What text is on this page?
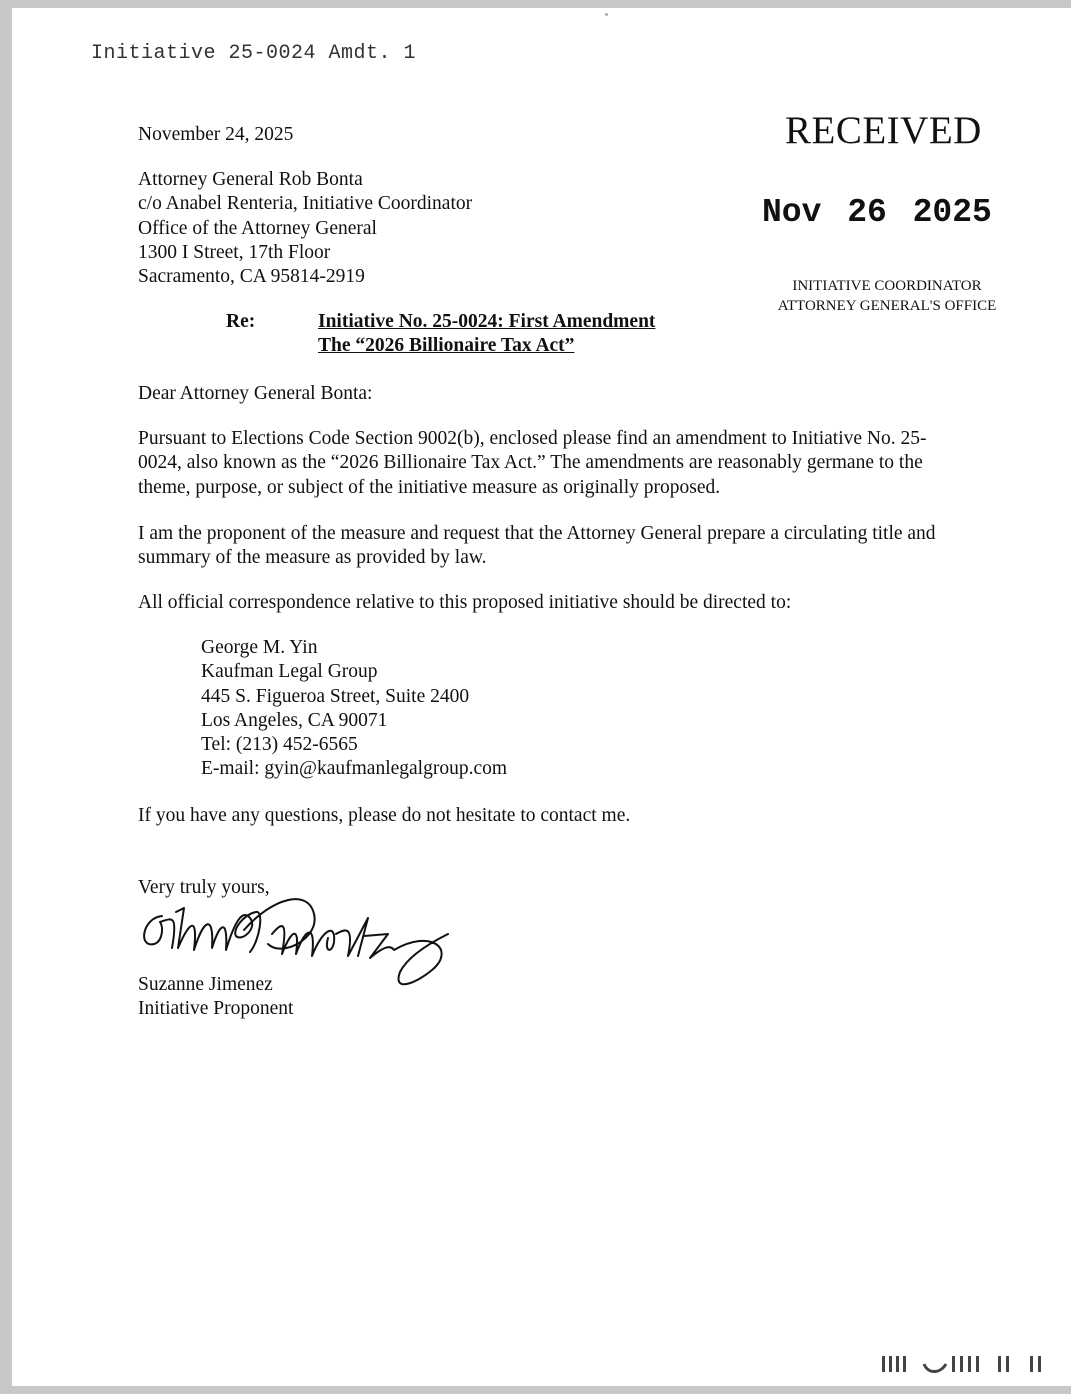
Initiative 25-0024 Amdt. 1
RECEIVED
Nov 26 2025
INITIATIVE COORDINATOR
ATTORNEY GENERAL'S OFFICE
November 24, 2025
Attorney General Rob Bonta
c/o Anabel Renteria, Initiative Coordinator
Office of the Attorney General
1300 I Street, 17th Floor
Sacramento, CA 95814-2919
Re:	Initiative No. 25-0024: First Amendment
The “2026 Billionaire Tax Act”
Dear Attorney General Bonta:
Pursuant to Elections Code Section 9002(b), enclosed please find an amendment to Initiative No. 25-0024, also known as the “2026 Billionaire Tax Act.” The amendments are reasonably germane to the theme, purpose, or subject of the initiative measure as originally proposed.
I am the proponent of the measure and request that the Attorney General prepare a circulating title and summary of the measure as provided by law.
All official correspondence relative to this proposed initiative should be directed to:
George M. Yin
Kaufman Legal Group
445 S. Figueroa Street, Suite 2400
Los Angeles, CA 90071
Tel: (213) 452-6565
E-mail: gyin@kaufmanlegalgroup.com
If you have any questions, please do not hesitate to contact me.
Very truly yours,
Suzanne Jimenez
Initiative Proponent
